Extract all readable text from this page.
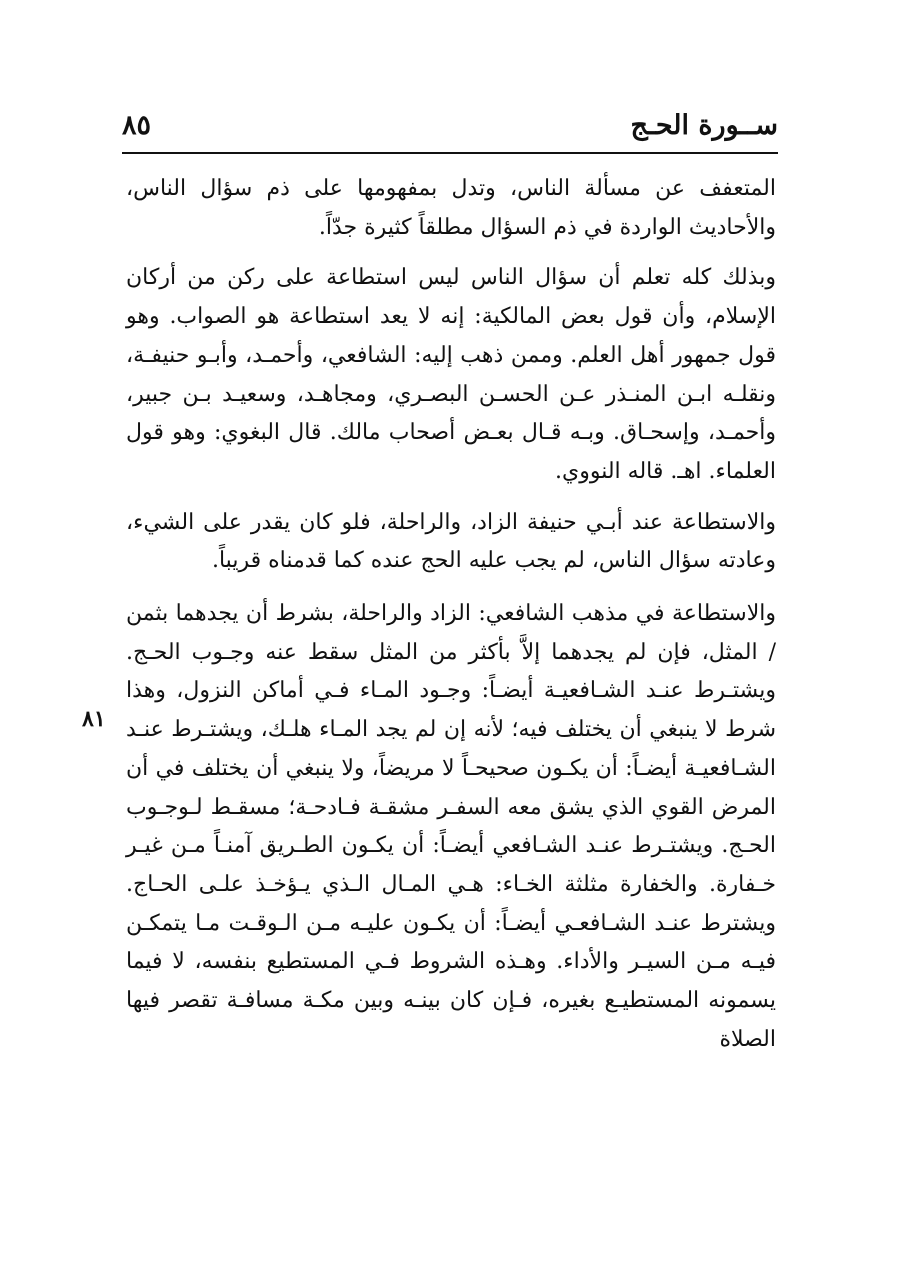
ســورة الحـج
٨٥
٨١

المتعفف عن مسألة الناس، وتدل بمفهومها على ذم سؤال الناس، والأحاديث الواردة في ذم السؤال مطلقاً كثيرة جدّاً.

وبذلك كله تعلم أن سؤال الناس ليس استطاعة على ركن من أركان الإسلام، وأن قول بعض المالكية: إنه لا يعد استطاعة هو الصواب. وهو قول جمهور أهل العلم. وممن ذهب إليه: الشافعي، وأحمـد، وأبـو حنيفـة، ونقلـه ابـن المنـذر عـن الحسـن البصـري، ومجاهـد، وسعيـد بـن جبير، وأحمـد، وإسحـاق. وبـه قـال بعـض أصحاب مالك. قال البغوي: وهو قول العلماء. اهـ. قاله النووي.

والاستطاعة عند أبـي حنيفة الزاد، والراحلة، فلو كان يقدر على الشيء، وعادته سؤال الناس، لم يجب عليه الحج عنده كما قدمناه قريباً.

والاستطاعة في مذهب الشافعي: الزاد والراحلة، بشرط أن يجدهما بثمن / المثل، فإن لم يجدهما إلاَّ بأكثر من المثل سقط عنه وجـوب الحـج. ويشتـرط عنـد الشـافعيـة أيضـاً: وجـود المـاء فـي أماكن النزول، وهذا شرط لا ينبغي أن يختلف فيه؛ لأنه إن لم يجد المـاء هلـك، ويشتـرط عنـد الشـافعيـة أيضـاً: أن يكـون صحيحـاً لا مريضاً، ولا ينبغي أن يختلف في أن المرض القوي الذي يشق معه السفـر مشقـة فـادحـة؛ مسقـط لـوجـوب الحـج. ويشتـرط عنـد الشـافعي أيضـاً: أن يكـون الطـريق آمنـاً مـن غيـر خـفارة. والخفارة مثلثة الخـاء: هـي المـال الـذي يـؤخـذ علـى الحـاج. ويشترط عنـد الشـافعـي أيضـاً: أن يكـون عليـه مـن الـوقـت مـا يتمكـن فيـه مـن السيـر والأداء. وهـذه الشروط فـي المستطيع بنفسه، لا فيما يسمونه المستطيـع بغيره، فـإن كان بينـه وبين مكـة مسافـة تقصر فيها الصلاة
